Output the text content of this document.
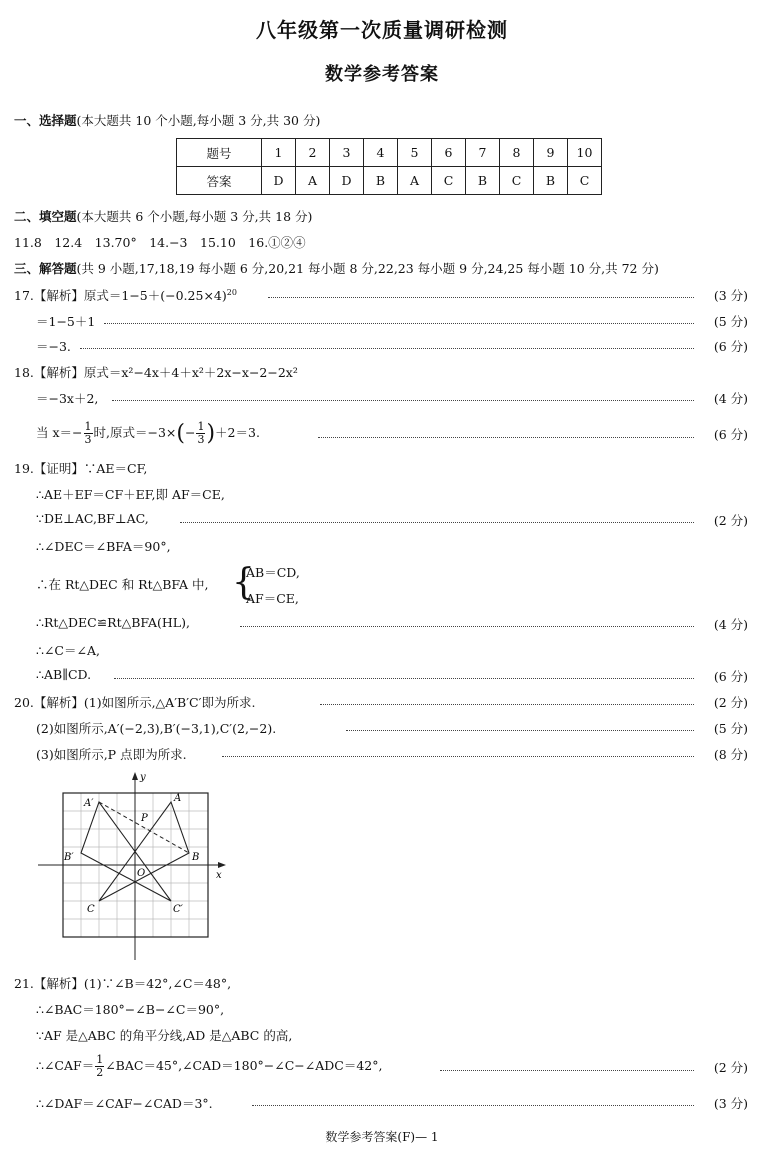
八年级第一次质量调研检测
数学参考答案
一、选择题(本大题共 10 个小题,每小题 3 分,共 30 分)
题号	1	2	3	4	5	6	7	8	9	10
答案	D	A	D	B	A	C	B	C	B	C
二、填空题(本大题共 6 个小题,每小题 3 分,共 18 分)
11.8　12.4　13.70°　14.−3　15.10　16.①②④
三、解答题(共 9 小题,17,18,19 每小题 6 分,20,21 每小题 8 分,22,23 每小题 9 分,24,25 每小题 10 分,共 72 分)
17.【解析】原式$=1-5+(-0.25\times 4)^{20}$	(3 分)
＝1−5＋1	(5 分)
＝−3.	(6 分)
18.【解析】原式＝x²−4x＋4＋x²＋2x−x−2−2x²
＝−3x＋2,	(4 分)
当 $x=- \frac{1}{3}$ 时,原式$=-3\times(- \frac{1}{3} )+2=3$.	(6 分)
19.【证明】∵AE＝CF,
∴AE＋EF＝CF＋EF,即 AF＝CE,
∵DE⊥AC,BF⊥AC,	(2 分)
∴∠DEC＝∠BFA＝90°,
∴在 Rt△DEC 和 Rt△BFA 中, {
AB＝CD,
AF＝CE,
∴Rt△DEC≌Rt△BFA(HL),	(4 分)
∴∠C＝∠A,
∴AB∥CD.	(6 分)
20.【解析】(1)如图所示,△A′B′C′即为所求.	(2 分)
(2)如图所示,A′(−2,3),B′(−3,1),C′(2,−2).	(5 分)
(3)如图所示,P 点即为所求.	(8 分)
A′	A
P
B′	B
O
C	C′
x
y
21.【解析】(1)∵∠B＝42°,∠C＝48°,
∴∠BAC＝180°−∠B−∠C＝90°,
∵AF 是△ABC 的角平分线,AD 是△ABC 的高,
∴∠CAF＝ $\frac{1}{2}$ ∠BAC＝45°,∠CAD＝180°−∠C−∠ADC＝42°,	(2 分)
∴∠DAF＝∠CAF−∠CAD＝3°.	(3 分)
数学参考答案(F)— 1
